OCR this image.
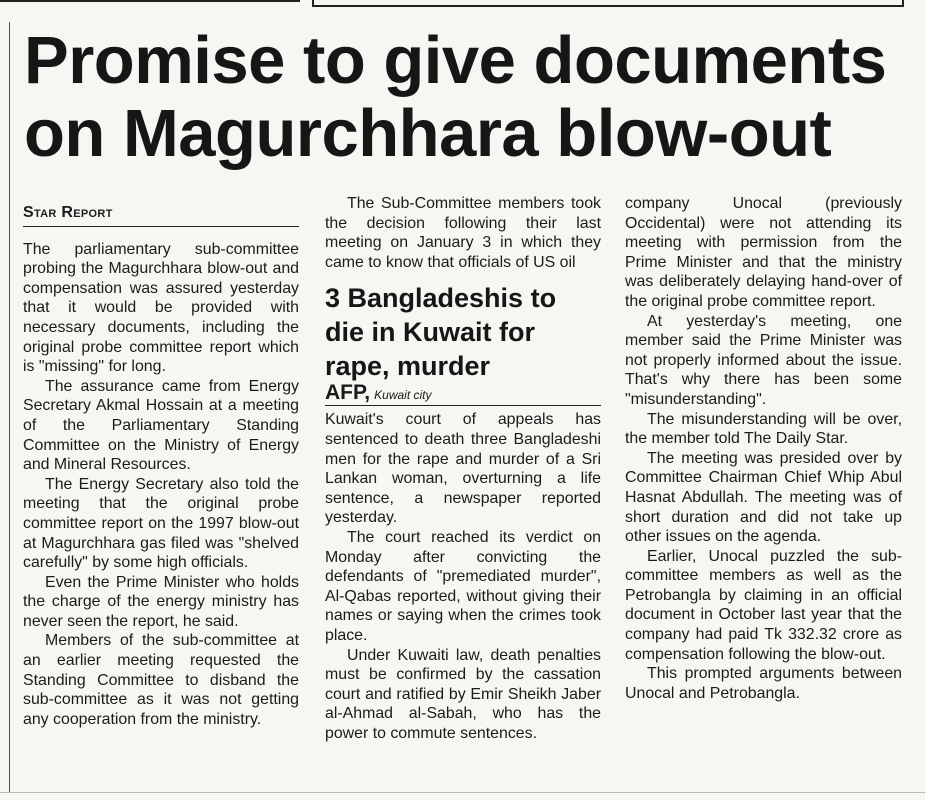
Promise to give documents on Magurchhara blow-out
Star Report

The parliamentary sub-committee probing the Magurchhara blow-out and compensation was assured yesterday that it would be provided with necessary documents, including the original probe committee report which is "missing" for long.

The assurance came from Energy Secretary Akmal Hossain at a meeting of the Parliamentary Standing Committee on the Ministry of Energy and Mineral Resources.

The Energy Secretary also told the meeting that the original probe committee report on the 1997 blow-out at Magurchhara gas filed was "shelved carefully" by some high officials.

Even the Prime Minister who holds the charge of the energy ministry has never seen the report, he said.

Members of the sub-committee at an earlier meeting requested the Standing Committee to disband the sub-committee as it was not getting any cooperation from the ministry.

The Sub-Committee members took the decision following their last meeting on January 3 in which they came to know that officials of US oil

3 Bangladeshis to die in Kuwait for rape, murder
AFP, Kuwait city

Kuwait's court of appeals has sentenced to death three Bangladeshi men for the rape and murder of a Sri Lankan woman, overturning a life sentence, a newspaper reported yesterday.

The court reached its verdict on Monday after convicting the defendants of "premediated murder", Al-Qabas reported, without giving their names or saying when the crimes took place.

Under Kuwaiti law, death penalties must be confirmed by the cassation court and ratified by Emir Sheikh Jaber al-Ahmad al-Sabah, who has the power to commute sentences.

company Unocal (previously Occidental) were not attending its meeting with permission from the Prime Minister and that the ministry was deliberately delaying hand-over of the original probe committee report.

At yesterday's meeting, one member said the Prime Minister was not properly informed about the issue. That's why there has been some "misunderstanding".

The misunderstanding will be over, the member told The Daily Star.

The meeting was presided over by Committee Chairman Chief Whip Abul Hasnat Abdullah. The meeting was of short duration and did not take up other issues on the agenda.

Earlier, Unocal puzzled the sub-committee members as well as the Petrobangla by claiming in an official document in October last year that the company had paid Tk 332.32 crore as compensation following the blow-out.

This prompted arguments between Unocal and Petrobangla.
